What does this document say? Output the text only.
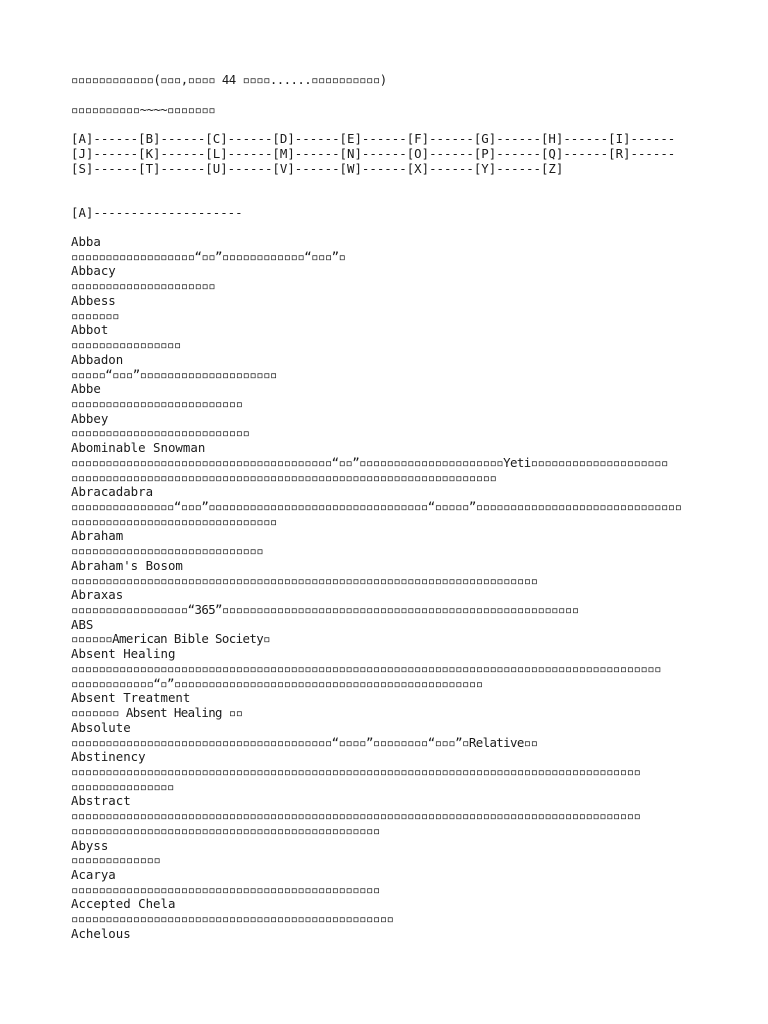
▫▫▫▫▫▫▫▫▫▫▫▫(▫▫▫,▫▫▫▫ 44 ▫▫▫▫......▫▫▫▫▫▫▫▫▫▫)
▫▫▫▫▫▫▫▫▫▫~~~~▫▫▫▫▫▫▫
[A]------[B]------[C]------[D]------[E]------[F]------[G]------[H]------[I]------
[J]------[K]------[L]------[M]------[N]------[O]------[P]------[Q]------[R]------
[S]------[T]------[U]------[V]------[W]------[X]------[Y]------[Z]
[A]--------------------
Abba
▫▫▫▫▫▫▫▫▫▫▫▫▫▫▫▫▫▫“▫▫”▫▫▫▫▫▫▫▫▫▫▫▫“▫▫▫”▫
Abbacy
▫▫▫▫▫▫▫▫▫▫▫▫▫▫▫▫▫▫▫▫▫
Abbess
▫▫▫▫▫▫▫
Abbot
▫▫▫▫▫▫▫▫▫▫▫▫▫▫▫▫
Abbadon
▫▫▫▫▫“▫▫▫”▫▫▫▫▫▫▫▫▫▫▫▫▫▫▫▫▫▫▫▫
Abbe
▫▫▫▫▫▫▫▫▫▫▫▫▫▫▫▫▫▫▫▫▫▫▫▫▫
Abbey
▫▫▫▫▫▫▫▫▫▫▫▫▫▫▫▫▫▫▫▫▫▫▫▫▫▫
Abominable Snowman
▫▫▫▫▫▫▫▫▫▫▫▫▫▫▫▫▫▫▫▫▫▫▫▫▫▫▫▫▫▫▫▫▫▫▫▫▫▫“▫▫”▫▫▫▫▫▫▫▫▫▫▫▫▫▫▫▫▫▫▫▫▫Yeti▫▫▫▫▫▫▫▫▫▫▫▫▫▫▫▫▫▫▫▫
▫▫▫▫▫▫▫▫▫▫▫▫▫▫▫▫▫▫▫▫▫▫▫▫▫▫▫▫▫▫▫▫▫▫▫▫▫▫▫▫▫▫▫▫▫▫▫▫▫▫▫▫▫▫▫▫▫▫▫▫▫▫
Abracadabra
▫▫▫▫▫▫▫▫▫▫▫▫▫▫▫“▫▫▫”▫▫▫▫▫▫▫▫▫▫▫▫▫▫▫▫▫▫▫▫▫▫▫▫▫▫▫▫▫▫▫▫“▫▫▫▫▫”▫▫▫▫▫▫▫▫▫▫▫▫▫▫▫▫▫▫▫▫▫▫▫▫▫▫▫▫▫▫
▫▫▫▫▫▫▫▫▫▫▫▫▫▫▫▫▫▫▫▫▫▫▫▫▫▫▫▫▫▫
Abraham
▫▫▫▫▫▫▫▫▫▫▫▫▫▫▫▫▫▫▫▫▫▫▫▫▫▫▫▫
Abraham's Bosom
▫▫▫▫▫▫▫▫▫▫▫▫▫▫▫▫▫▫▫▫▫▫▫▫▫▫▫▫▫▫▫▫▫▫▫▫▫▫▫▫▫▫▫▫▫▫▫▫▫▫▫▫▫▫▫▫▫▫▫▫▫▫▫▫▫▫▫▫
Abraxas
▫▫▫▫▫▫▫▫▫▫▫▫▫▫▫▫▫“365”▫▫▫▫▫▫▫▫▫▫▫▫▫▫▫▫▫▫▫▫▫▫▫▫▫▫▫▫▫▫▫▫▫▫▫▫▫▫▫▫▫▫▫▫▫▫▫▫▫▫▫▫
ABS
▫▫▫▫▫▫American Bible Society▫
Absent Healing
▫▫▫▫▫▫▫▫▫▫▫▫▫▫▫▫▫▫▫▫▫▫▫▫▫▫▫▫▫▫▫▫▫▫▫▫▫▫▫▫▫▫▫▫▫▫▫▫▫▫▫▫▫▫▫▫▫▫▫▫▫▫▫▫▫▫▫▫▫▫▫▫▫▫▫▫▫▫▫▫▫▫▫▫▫▫
▫▫▫▫▫▫▫▫▫▫▫▫“▫”▫▫▫▫▫▫▫▫▫▫▫▫▫▫▫▫▫▫▫▫▫▫▫▫▫▫▫▫▫▫▫▫▫▫▫▫▫▫▫▫▫▫▫▫▫
Absent Treatment
▫▫▫▫▫▫▫ Absent Healing ▫▫
Absolute
▫▫▫▫▫▫▫▫▫▫▫▫▫▫▫▫▫▫▫▫▫▫▫▫▫▫▫▫▫▫▫▫▫▫▫▫▫▫“▫▫▫▫”▫▫▫▫▫▫▫▫“▫▫▫”▫Relative▫▫
Abstinency
▫▫▫▫▫▫▫▫▫▫▫▫▫▫▫▫▫▫▫▫▫▫▫▫▫▫▫▫▫▫▫▫▫▫▫▫▫▫▫▫▫▫▫▫▫▫▫▫▫▫▫▫▫▫▫▫▫▫▫▫▫▫▫▫▫▫▫▫▫▫▫▫▫▫▫▫▫▫▫▫▫▫▫
▫▫▫▫▫▫▫▫▫▫▫▫▫▫▫
Abstract
▫▫▫▫▫▫▫▫▫▫▫▫▫▫▫▫▫▫▫▫▫▫▫▫▫▫▫▫▫▫▫▫▫▫▫▫▫▫▫▫▫▫▫▫▫▫▫▫▫▫▫▫▫▫▫▫▫▫▫▫▫▫▫▫▫▫▫▫▫▫▫▫▫▫▫▫▫▫▫▫▫▫▫
▫▫▫▫▫▫▫▫▫▫▫▫▫▫▫▫▫▫▫▫▫▫▫▫▫▫▫▫▫▫▫▫▫▫▫▫▫▫▫▫▫▫▫▫▫
Abyss
▫▫▫▫▫▫▫▫▫▫▫▫▫
Acarya
▫▫▫▫▫▫▫▫▫▫▫▫▫▫▫▫▫▫▫▫▫▫▫▫▫▫▫▫▫▫▫▫▫▫▫▫▫▫▫▫▫▫▫▫▫
Accepted Chela
▫▫▫▫▫▫▫▫▫▫▫▫▫▫▫▫▫▫▫▫▫▫▫▫▫▫▫▫▫▫▫▫▫▫▫▫▫▫▫▫▫▫▫▫▫▫▫
Achelous
